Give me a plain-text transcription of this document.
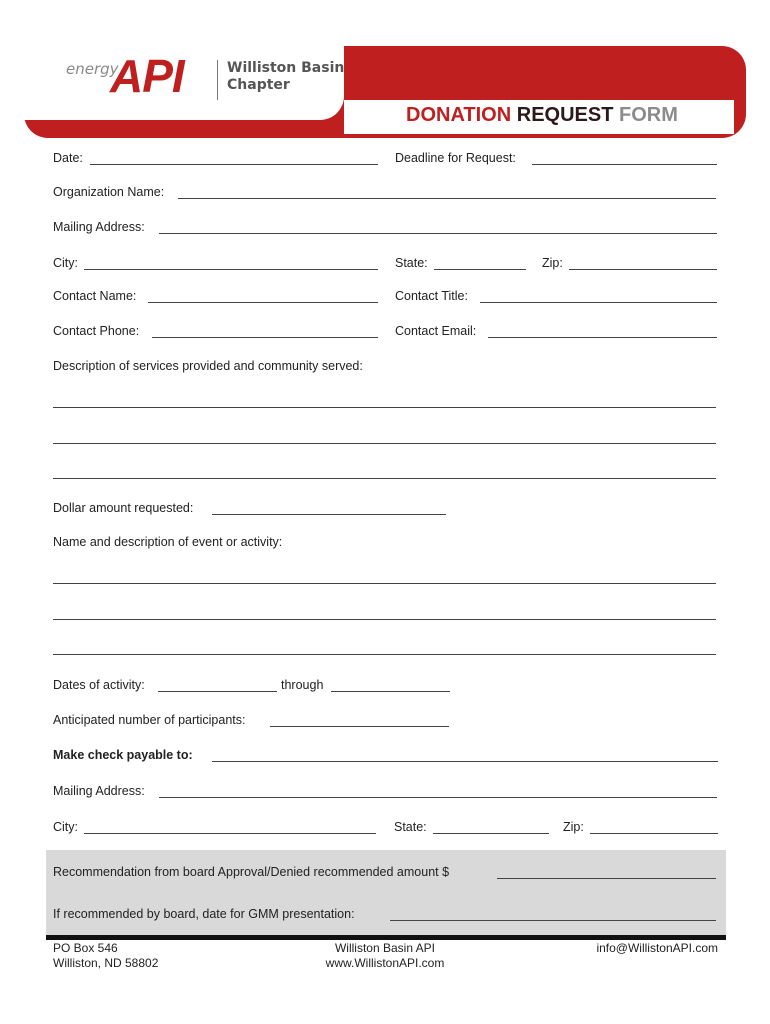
energy
API	Williston Basin
Chapter
DONATION REQUEST FORM
Date:	Deadline for Request:
Organization Name:
Mailing Address:
City:	State:	Zip:
Contact Name:	Contact Title:
Contact Phone:	Contact Email:
Description of services provided and community served:
Dollar amount requested:
Name and description of event or activity:
Dates of activity:	through
Anticipated number of participants:
Make check payable to:
Mailing Address:
City:	State:	Zip:
Recommendation from board Approval/Denied recommended amount $
If recommended by board, date for GMM presentation:
PO Box 546
Williston, ND 58802
Williston Basin API
www.WillistonAPI.com
info@WillistonAPI.com
